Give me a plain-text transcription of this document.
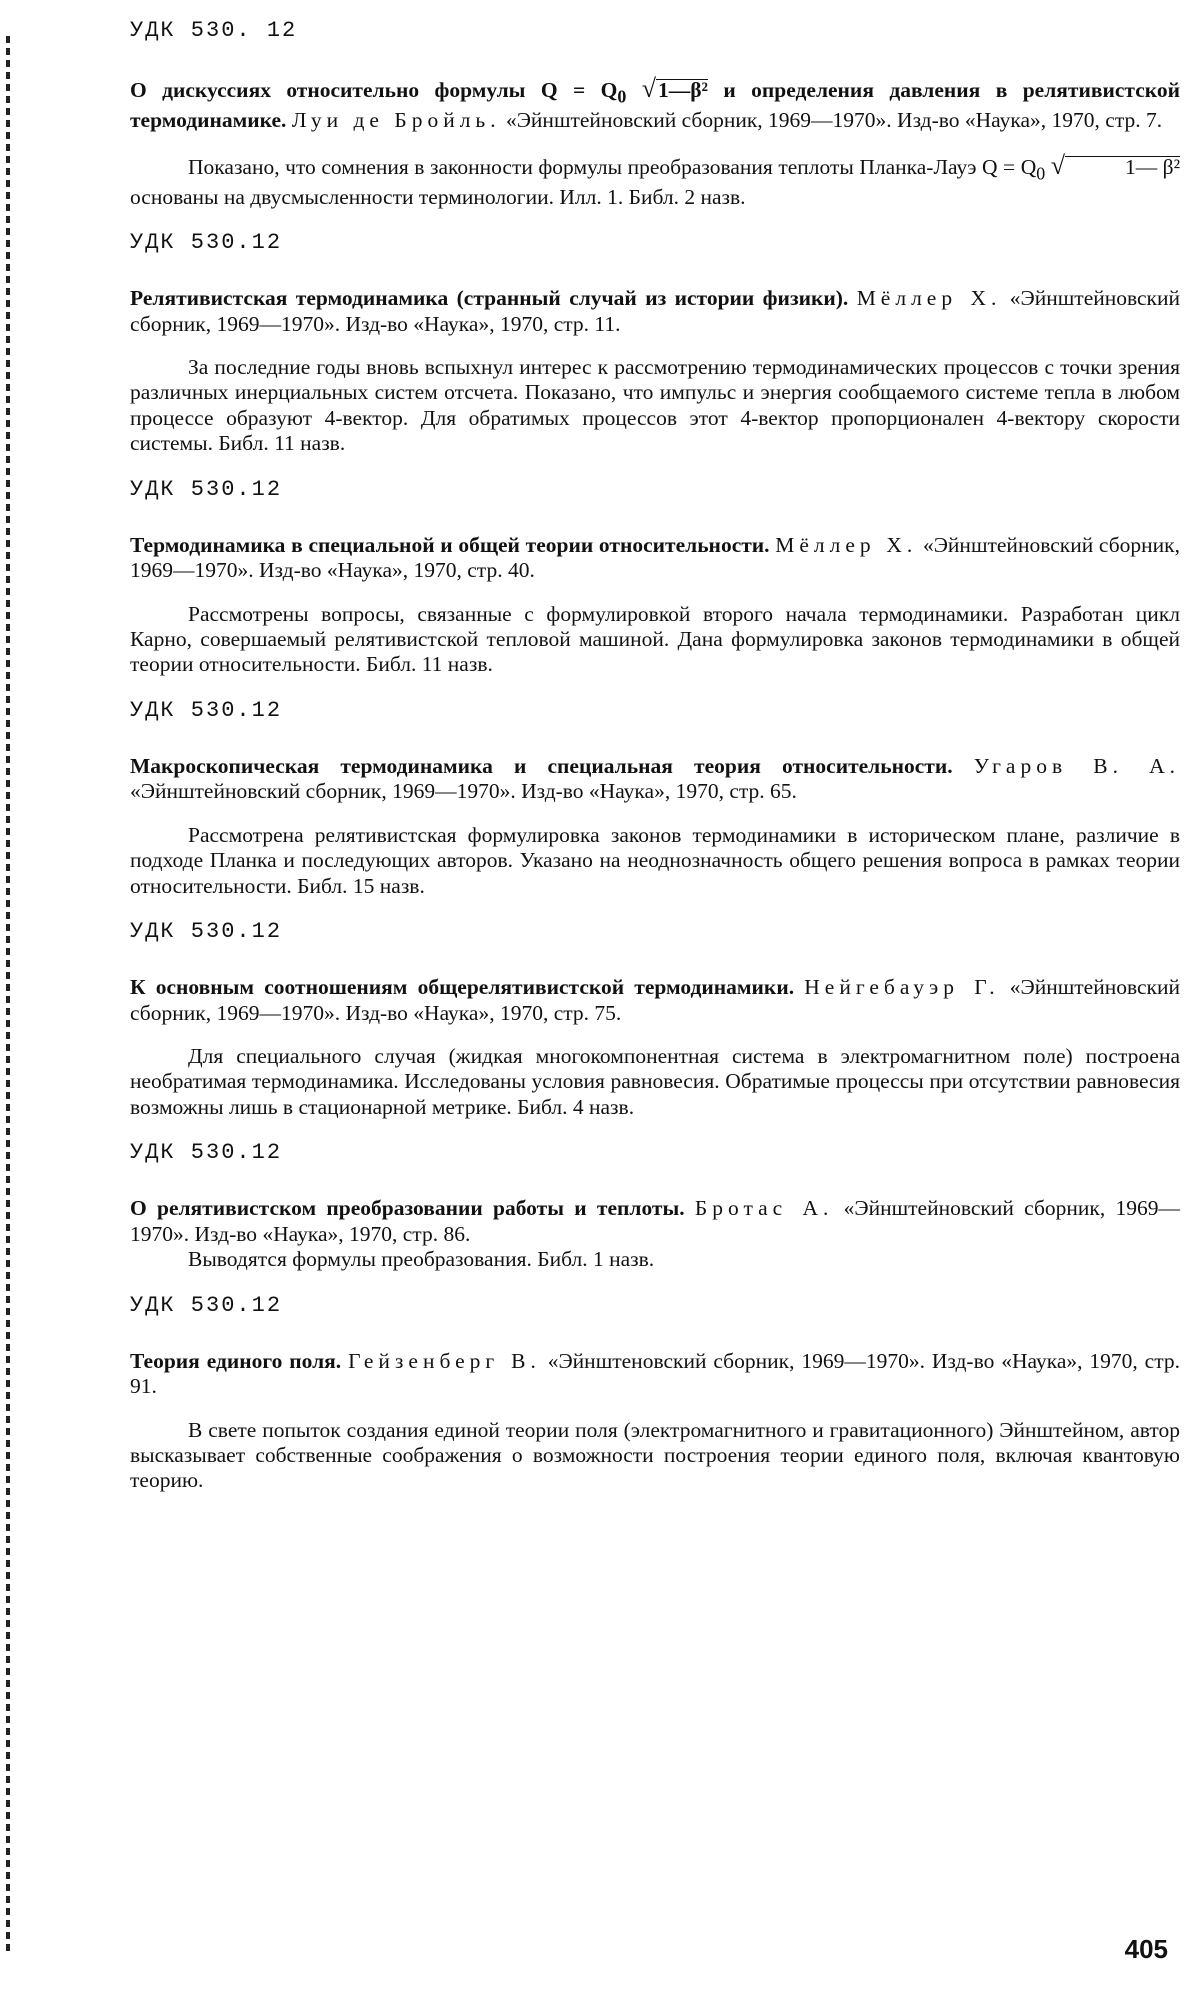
УДК 530. 12

О дискуссиях относительно формулы $Q = Q_0$ √1—β² и определения давления в релятивистской термодинамике. Луи де Бройль. «Эйнштейновский сборник, 1969—1970». Изд-во «Наука», 1970, стр. 7.

Показано, что сомнения в законности формулы преобразования теплоты Планка-Лауэ $Q = Q_0$ √	1— β² основаны на двусмысленности терминологии. Илл. 1. Библ. 2 назв.

УДК 530.12

Релятивистская термодинамика (странный случай из истории физики). Мёллер Х. «Эйнштейновский сборник, 1969—1970». Изд-во «Наука», 1970, стр. 11.

За последние годы вновь вспыхнул интерес к рассмотрению термодинамических процессов с точки зрения различных инерциальных систем отсчета. Показано, что импульс и энергия сообщаемого системе тепла в любом процессе образуют 4-вектор. Для обратимых процессов этот 4-вектор пропорционален 4-вектору скорости системы. Библ. 11 назв.

УДК 530.12

Термодинамика в специальной и общей теории относительности. Мёллер Х. «Эйнштейновский сборник, 1969—1970». Изд-во «Наука», 1970, стр. 40.

Рассмотрены вопросы, связанные с формулировкой второго начала термодинамики. Разработан цикл Карно, совершаемый релятивистской тепловой машиной. Дана формулировка законов термодинамики в общей теории относительности. Библ. 11 назв.

УДК 530.12

Макроскопическая термодинамика и специальная теория относительности. Угаров В. А. «Эйнштейновский сборник, 1969—1970». Изд-во «Наука», 1970, стр. 65.

Рассмотрена релятивистская формулировка законов термодинамики в историческом плане, различие в подходе Планка и последующих авторов. Указано на неоднозначность общего решения вопроса в рамках теории относительности. Библ. 15 назв.

УДК 530.12

К основным соотношениям общерелятивистской термодинамики. Нейгебауэр Г. «Эйнштейновский сборник, 1969—1970». Изд-во «Наука», 1970, стр. 75.

Для специального случая (жидкая многокомпонентная система в электромагнитном поле) построена необратимая термодинамика. Исследованы условия равновесия. Обратимые процессы при отсутствии равновесия возможны лишь в стационарной метрике. Библ. 4 назв.

УДК 530.12

О релятивистском преобразовании работы и теплоты. Бротас А. «Эйнштейновский сборник, 1969—1970». Изд-во «Наука», 1970, стр. 86.

Выводятся формулы преобразования. Библ. 1 назв.

УДК 530.12

Теория единого поля. Гейзенберг В. «Эйнштеновский сборник, 1969—1970». Изд-во «Наука», 1970, стр. 91.

В свете попыток создания единой теории поля (электромагнитного и гравитационного) Эйнштейном, автор высказывает собственные соображения о возможности построения теории единого поля, включая квантовую теорию.

405
